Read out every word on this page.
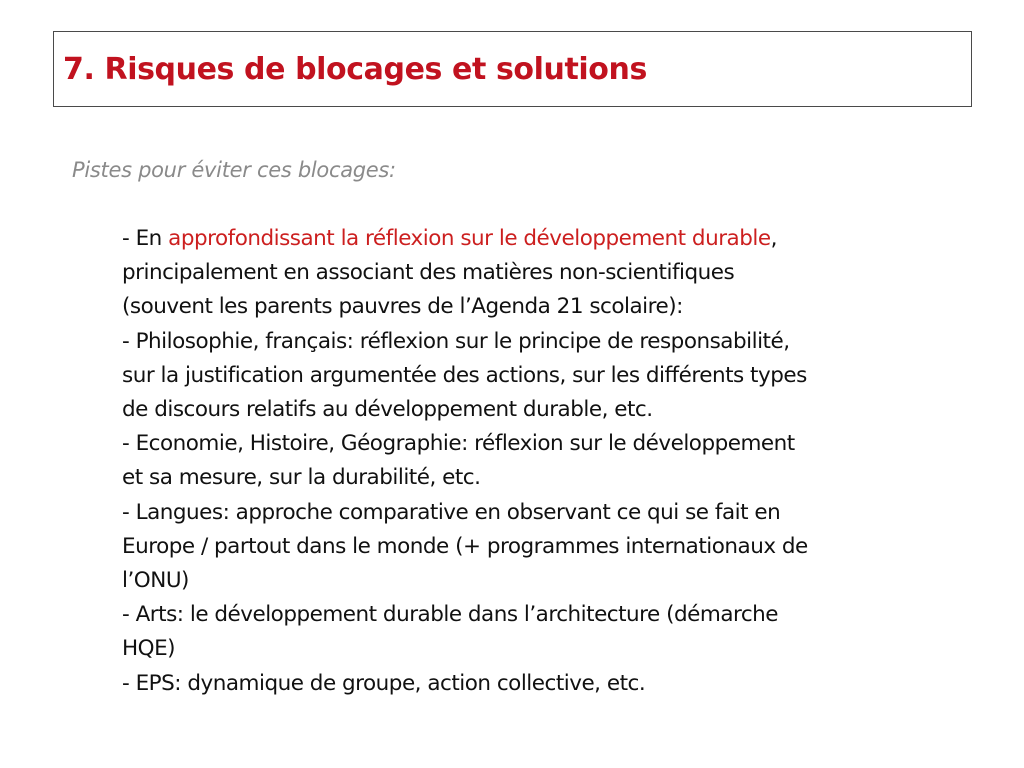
7. Risques de blocages et solutions

Pistes pour éviter ces blocages:

- En approfondissant la réflexion sur le développement durable,
principalement en associant des matières non-scientifiques
(souvent les parents pauvres de l’Agenda 21 scolaire):
- Philosophie, français: réflexion sur le principe de responsabilité,
sur la justification argumentée des actions, sur les différents types
de discours relatifs au développement durable, etc.
- Economie, Histoire, Géographie: réflexion sur le développement
et sa mesure, sur la durabilité, etc.
- Langues: approche comparative en observant ce qui se fait en
Europe / partout dans le monde (+ programmes internationaux de
l’ONU)
- Arts: le développement durable dans l’architecture (démarche
HQE)
- EPS: dynamique de groupe, action collective, etc.
